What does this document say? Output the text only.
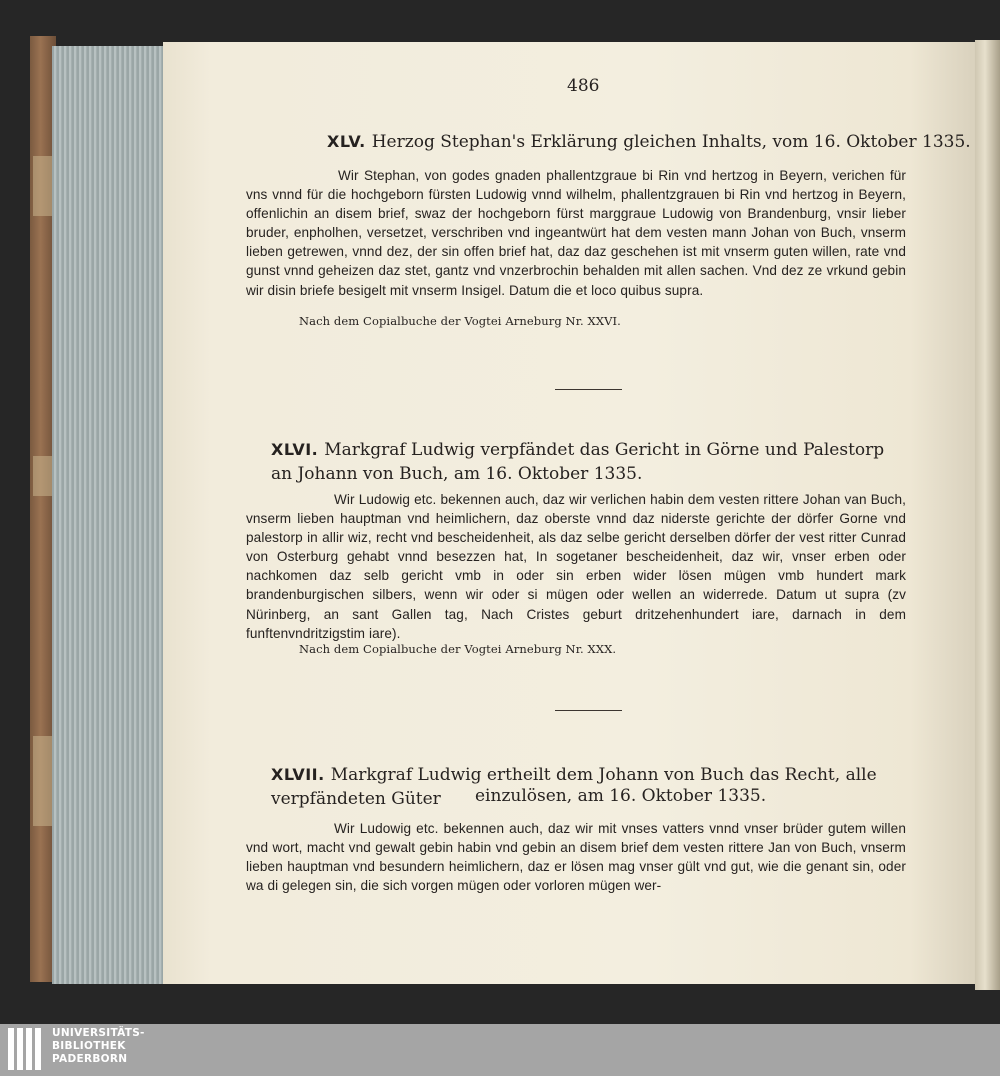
486
XLV. Herzog Stephan's Erklärung gleichen Inhalts, vom 16. Oktober 1335.

Wir Stephan, von godes gnaden phallentzgraue bi Rin vnd hertzog in Beyern, verichen für vns vnnd für die hochgeborn fürsten Ludowig vnnd wilhelm, phallentzgrauen bi Rin vnd hertzog in Beyern, offenlichin an disem brief, swaz der hochgeborn fürst marggraue Ludowig von Brandenburg, vnsir lieber bruder, enpholhen, versetzet, verschriben vnd ingeantwürt hat dem vesten mann Johan von Buch, vnserm lieben getrewen, vnnd dez, der sin offen brief hat, daz daz geschehen ist mit vnserm guten willen, rate vnd gunst vnnd geheizen daz stet, gantz vnd vnzerbrochin behalden mit allen sachen. Vnd dez ze vrkund gebin wir disin briefe besigelt mit vnserm Insigel. Datum die et loco quibus supra.

Nach dem Copialbuche der Vogtei Arneburg Nr. XXVI.
XLVI. Markgraf Ludwig verpfändet das Gericht in Görne und Palestorp an Johann von Buch, am 16. Oktober 1335.

Wir Ludowig etc. bekennen auch, daz wir verlichen habin dem vesten rittere Johan van Buch, vnserm lieben hauptman vnd heimlichern, daz oberste vnnd daz niderste gerichte der dörfer Gorne vnd palestorp in allir wiz, recht vnd bescheidenheit, als daz selbe gericht derselben dörfer der vest ritter Cunrad von Osterburg gehabt vnnd besezzen hat, In sogetaner bescheidenheit, daz wir, vnser erben oder nachkomen daz selb gericht vmb in oder sin erben wider lösen mügen vmb hundert mark brandenburgischen silbers, wenn wir oder si mügen oder wellen an widerrede. Datum ut supra (zv Nürinberg, an sant Gallen tag, Nach Cristes geburt dritzehenhundert iare, darnach in dem funftenvndritzigstim iare).

Nach dem Copialbuche der Vogtei Arneburg Nr. XXX.
XLVII. Markgraf Ludwig ertheilt dem Johann von Buch das Recht, alle verpfändeten Güter	einzulösen, am 16. Oktober 1335.

Wir Ludowig etc. bekennen auch, daz wir mit vnses vatters vnnd vnser brüder gutem willen vnd wort, macht vnd gewalt gebin habin vnd gebin an disem brief dem vesten rittere Jan von Buch, vnserm lieben hauptman vnd besundern heimlichern, daz er lösen mag vnser gült vnd gut, wie die genant sin, oder wa di gelegen sin, die sich vorgen mügen oder vorloren mügen wer-

UNIVERSITÄTS-
BIBLIOTHEK
PADERBORN
